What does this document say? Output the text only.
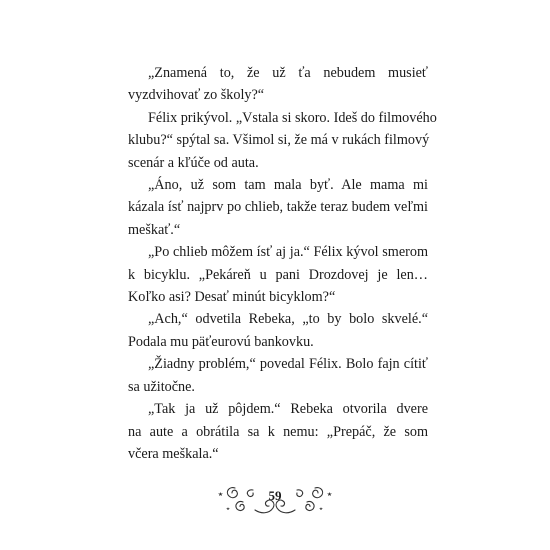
„Znamená to, že už ťa nebudem musieť
vyzdvihovať zo školy?“
Félix prikývol. „Vstala si skoro. Ideš do filmového
klubu?“ spýtal sa. Všimol si, že má v rukách filmový
scenár a kľúče od auta.
„Áno, už som tam mala byť. Ale mama mi
kázala ísť najprv po chlieb, takže teraz budem veľmi
meškať.“
„Po chlieb môžem ísť aj ja.“ Félix kývol smerom
k bicyklu. „Pekáreň u pani Drozdovej je len…
Koľko asi? Desať minút bicyklom?“
„Ach,“ odvetila Rebeka, „to by bolo skvelé.“
Podala mu päťeurovú bankovku.
„Žiadny problém,“ povedal Félix. Bolo fajn cítiť
sa užitočne.
„Tak ja už pôjdem.“ Rebeka otvorila dvere
na aute a obrátila sa k nemu: „Prepáč, že som
včera meškala.“
59
